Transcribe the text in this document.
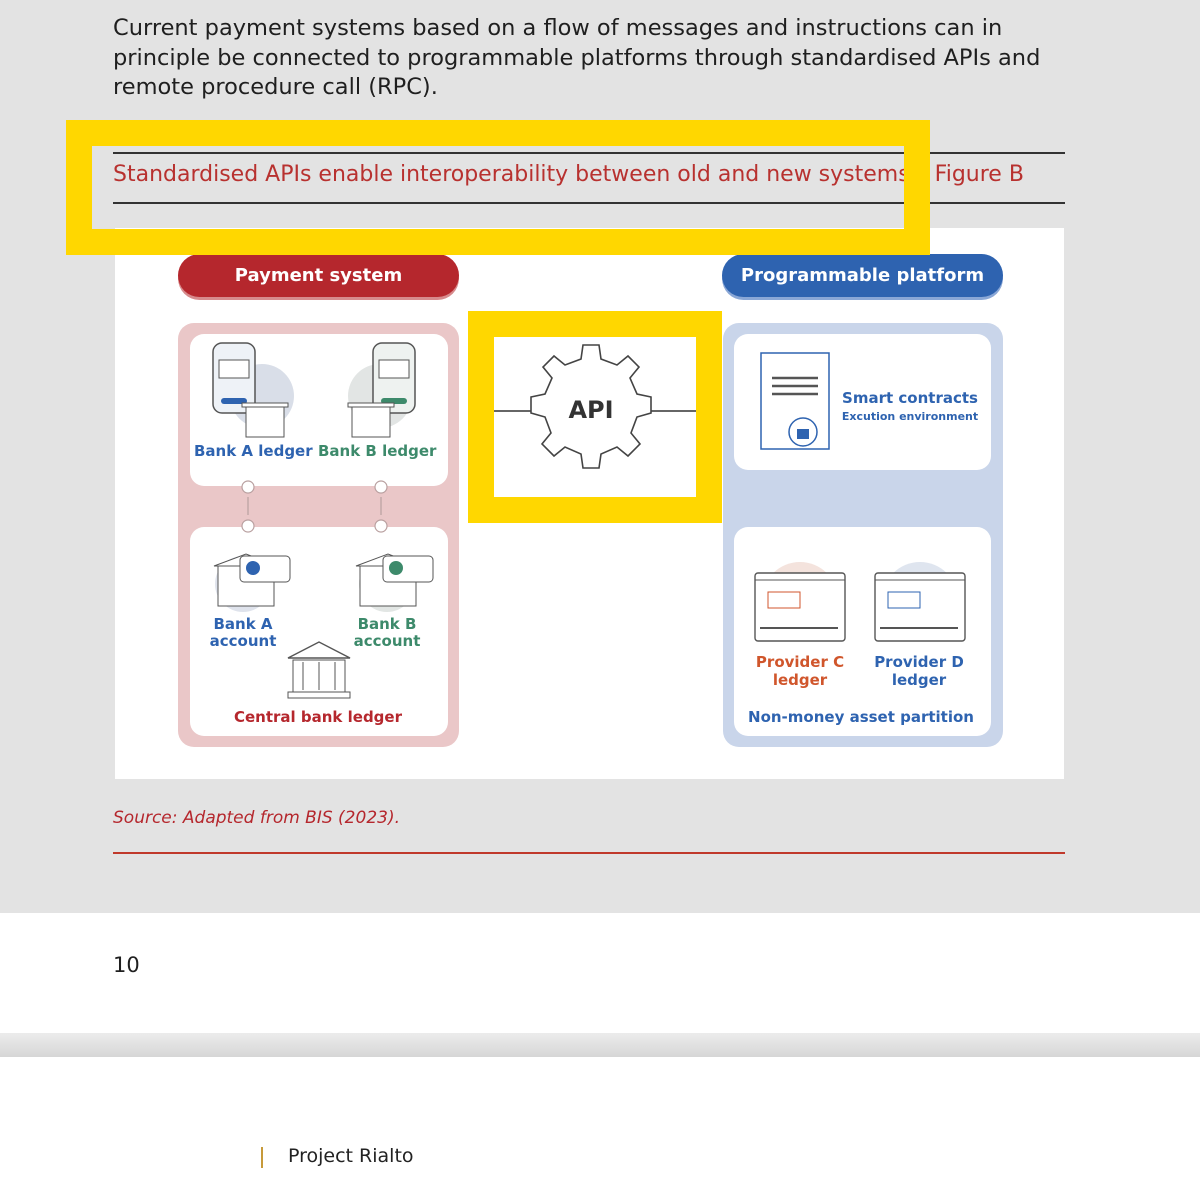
Current payment systems based on a flow of messages and instructions can in principle be connected to programmable platforms through standardised APIs and remote procedure call (RPC).
Standardised APIs enable interoperability between old and new systems – Figure B
Payment system	Programmable platform
API
Bank A ledger Bank B ledger
Bank A
account
Bank B
account
Central bank ledger
Smart contracts
Excution environment
Provider C
ledger
Provider D
ledger
Non-money asset partition
Source: Adapted from BIS (2023).
10
Project Rialto
